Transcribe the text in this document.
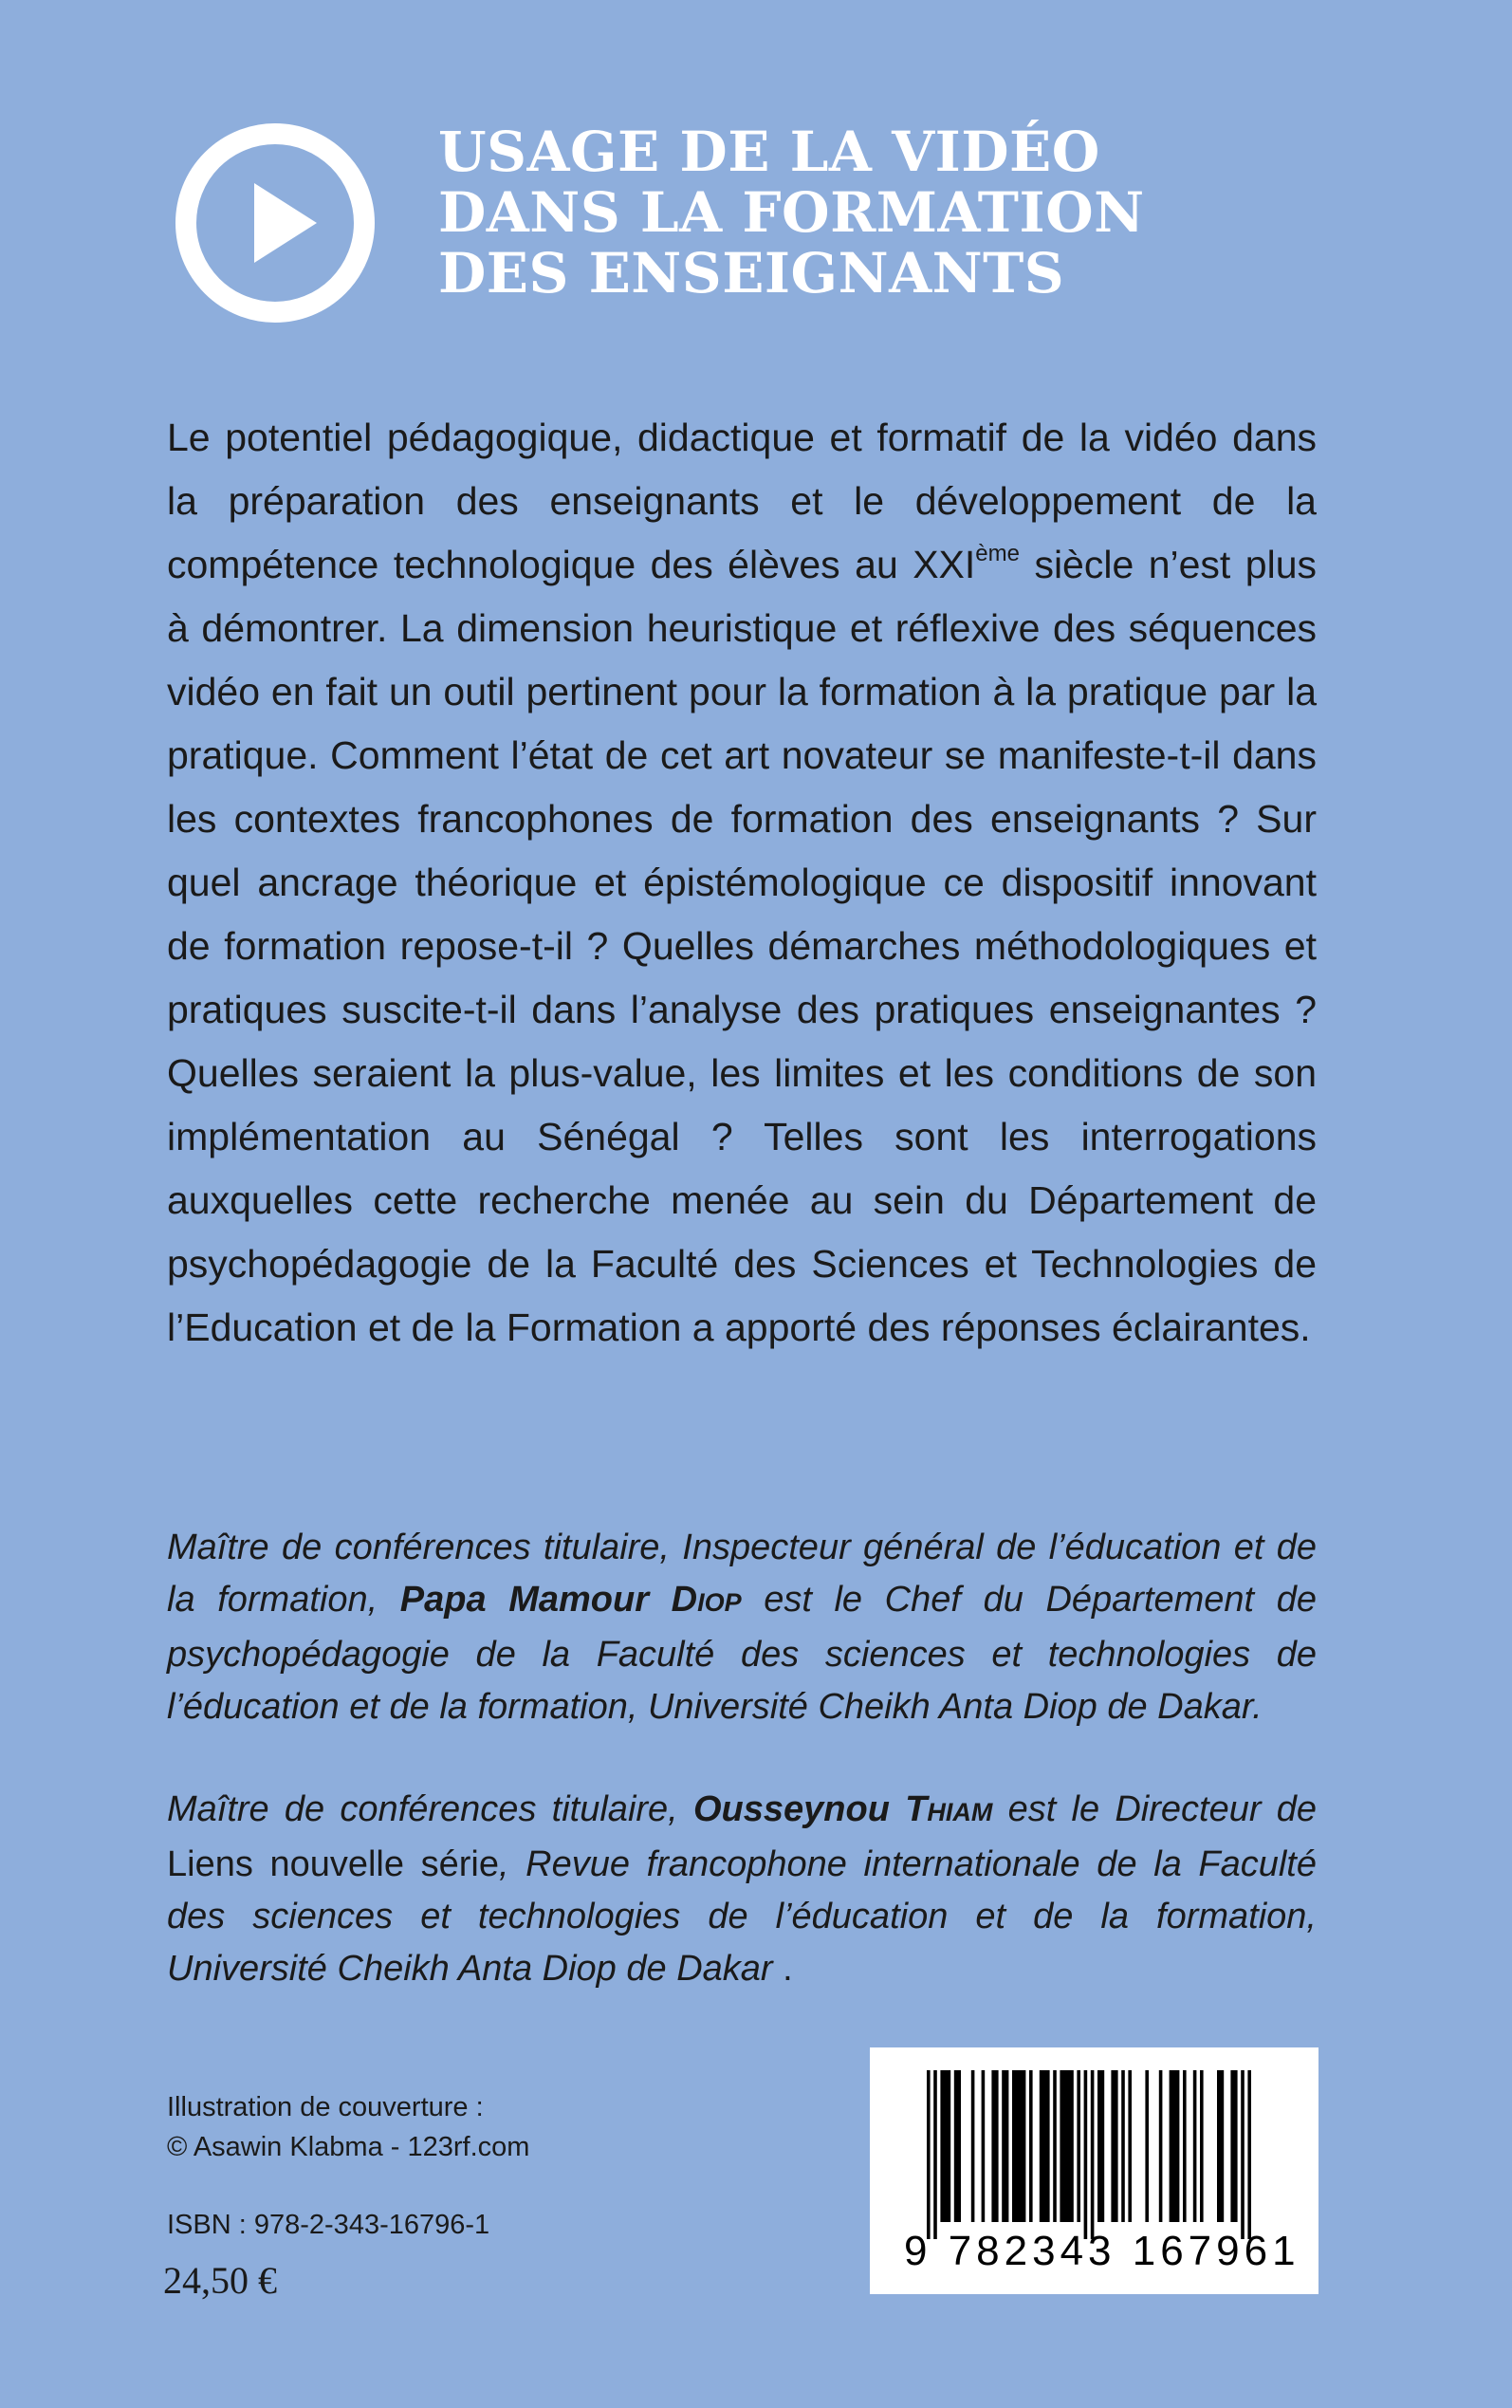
USAGE DE LA VIDÉO
DANS LA FORMATION
DES ENSEIGNANTS

Le potentiel pédagogique, didactique et formatif de la vidéo dans la préparation des enseignants et le développement de la compétence technologique des élèves au XXIème siècle n’est plus à démontrer. La dimension heuristique et réflexive des séquences vidéo en fait un outil pertinent pour la formation à la pratique par la pratique. Comment l’état de cet art novateur se manifeste-t-il dans les contextes francophones de formation des enseignants ? Sur quel ancrage théorique et épistémologique ce dispositif innovant de formation repose-t-il ? Quelles démarches méthodologiques et pratiques suscite-t-il dans l’analyse des pratiques enseignantes ? Quelles seraient la plus-value, les limites et les conditions de son implémentation au Sénégal ? Telles sont les interrogations auxquelles cette recherche menée au sein du Département de psychopédagogie de la Faculté des Sciences et Technologies de l’Education et de la Formation a apporté des réponses éclairantes.

Maître de conférences titulaire, Inspecteur général de l’éducation et de la formation, Papa Mamour DIOP est le Chef du Département de psychopédagogie de la Faculté des sciences et technologies de l’éducation et de la formation, Université Cheikh Anta Diop de Dakar.

Maître de conférences titulaire, Ousseynou THIAM est le Directeur de Liens nouvelle série, Revue francophone internationale de la Faculté des sciences et technologies de l’éducation et de la formation, Université Cheikh Anta Diop de Dakar .

Illustration de couverture :
© Asawin Klabma - 123rf.com

ISBN : 978-2-343-16796-1

24,50 €

9 782343 167961
